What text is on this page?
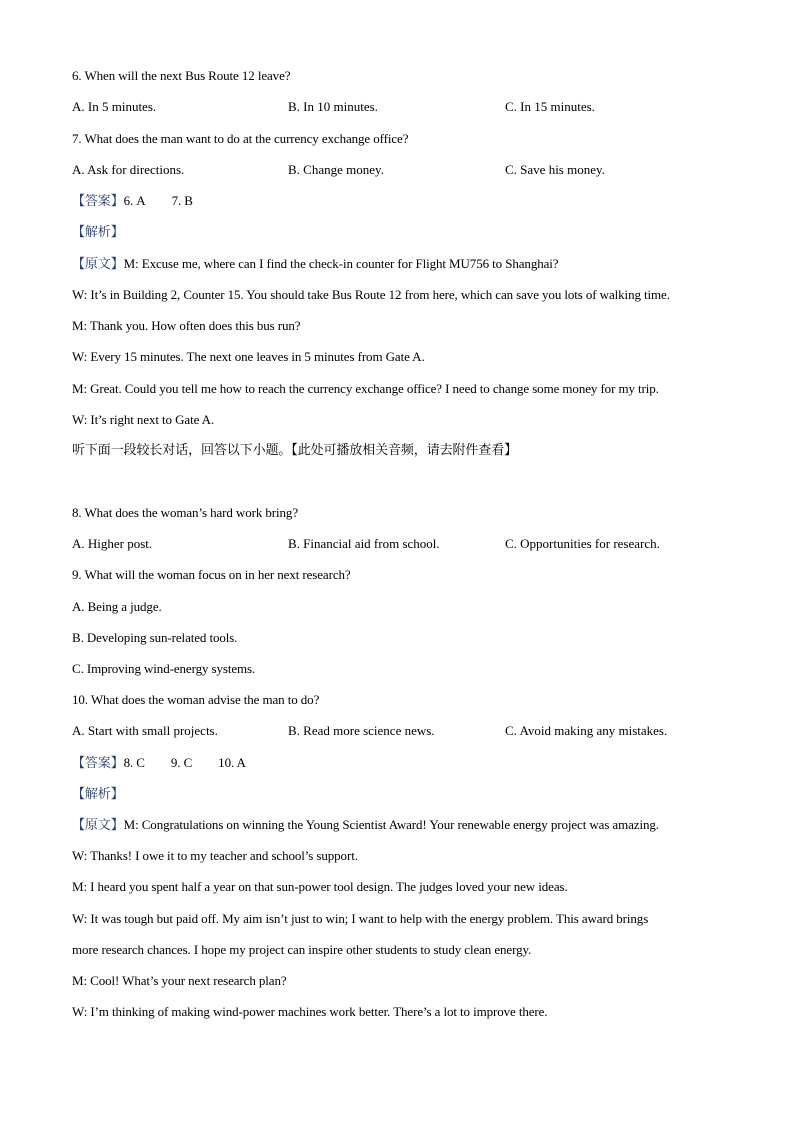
6. When will the next Bus Route 12 leave?
A. In 5 minutes.	B. In 10 minutes.	C. In 15 minutes.
7. What does the man want to do at the currency exchange office?
A. Ask for directions.	B. Change money.	C. Save his money.
【答案】6. A 7. B
【解析】
【原文】M: Excuse me, where can I find the check-in counter for Flight MU756 to Shanghai?
W: It’s in Building 2, Counter 15. You should take Bus Route 12 from here, which can save you lots of walking time.
M: Thank you. How often does this bus run?
W: Every 15 minutes. The next one leaves in 5 minutes from Gate A.
M: Great. Could you tell me how to reach the currency exchange office? I need to change some money for my trip.
W: It’s right next to Gate A.
听下面一段较长对话，回答以下小题。【此处可播放相关音频，请去附件查看】
8. What does the woman’s hard work bring?
A. Higher post.	B. Financial aid from school.	C. Opportunities for research.
9. What will the woman focus on in her next research?
A. Being a judge.
B. Developing sun-related tools.
C. Improving wind-energy systems.
10. What does the woman advise the man to do?
A. Start with small projects.	B. Read more science news.	C. Avoid making any mistakes.
【答案】8. C 9. C 10. A
【解析】
【原文】M: Congratulations on winning the Young Scientist Award! Your renewable energy project was amazing.
W: Thanks! I owe it to my teacher and school’s support.
M: I heard you spent half a year on that sun-power tool design. The judges loved your new ideas.
W: It was tough but paid off. My aim isn’t just to win; I want to help with the energy problem. This award brings
more research chances. I hope my project can inspire other students to study clean energy.
M: Cool! What’s your next research plan?
W: I’m thinking of making wind-power machines work better. There’s a lot to improve there.
